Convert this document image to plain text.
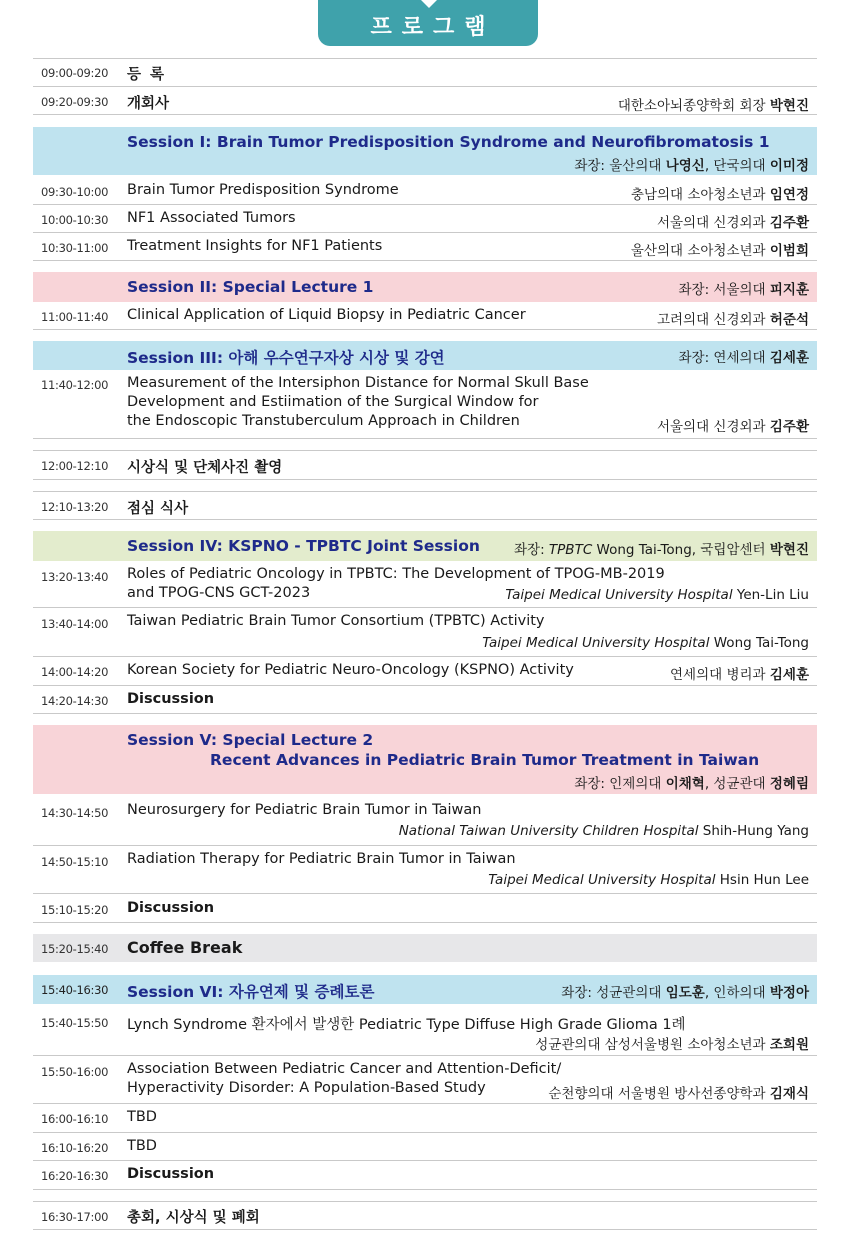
프로그램
09:00-09:20 등 록
09:20-09:30 개회사	대한소아뇌종양학회 회장 박현진
Session I: Brain Tumor Predisposition Syndrome and Neurofibromatosis 1
좌장: 울산의대 나영신, 단국의대 이미정
09:30-10:00 Brain Tumor Predisposition Syndrome	충남의대 소아청소년과 임연정
10:00-10:30 NF1 Associated Tumors	서울의대 신경외과 김주환
10:30-11:00 Treatment Insights for NF1 Patients	울산의대 소아청소년과 이범희
Session II: Special Lecture 1	좌장: 서울의대 피지훈
11:00-11:40 Clinical Application of Liquid Biopsy in Pediatric Cancer	고려의대 신경외과 허준석
Session III: 아해 우수연구자상 시상 및 강연	좌장: 연세의대 김세훈
11:40-12:00 Measurement of the Intersiphon Distance for Normal Skull Base
Development and Estiimation of the Surgical Window for
the Endoscopic Transtuberculum Approach in Children	서울의대 신경외과 김주환
12:00-12:10 시상식 및 단체사진 촬영
12:10-13:20 점심 식사
Session IV: KSPNO - TPBTC Joint Session	좌장: TPBTC Wong Tai-Tong, 국립암센터 박현진
13:20-13:40 Roles of Pediatric Oncology in TPBTC: The Development of TPOG-MB-2019
and TPOG-CNS GCT-2023	Taipei Medical University Hospital Yen-Lin Liu
13:40-14:00 Taiwan Pediatric Brain Tumor Consortium (TPBTC) Activity
Taipei Medical University Hospital Wong Tai-Tong
14:00-14:20 Korean Society for Pediatric Neuro-Oncology (KSPNO) Activity	연세의대 병리과 김세훈
14:20-14:30 Discussion
Session V: Special Lecture 2
Recent Advances in Pediatric Brain Tumor Treatment in Taiwan
좌장: 인제의대 이채혁, 성균관대 정혜림
14:30-14:50 Neurosurgery for Pediatric Brain Tumor in Taiwan
National Taiwan University Children Hospital Shih-Hung Yang
14:50-15:10 Radiation Therapy for Pediatric Brain Tumor in Taiwan
Taipei Medical University Hospital Hsin Hun Lee
15:10-15:20 Discussion
15:20-15:40 Coffee Break
15:40-16:30 Session VI: 자유연제 및 증례토론	좌장: 성균관의대 임도훈, 인하의대 박정아
15:40-15:50 Lynch Syndrome 환자에서 발생한 Pediatric Type Diffuse High Grade Glioma 1례
성균관의대 삼성서울병원 소아청소년과 조희원
15:50-16:00 Association Between Pediatric Cancer and Attention-Deficit/
Hyperactivity Disorder: A Population-Based Study	순천향의대 서울병원 방사선종양학과 김재식
16:00-16:10 TBD
16:10-16:20 TBD
16:20-16:30 Discussion
16:30-17:00 총회, 시상식 및 폐회
